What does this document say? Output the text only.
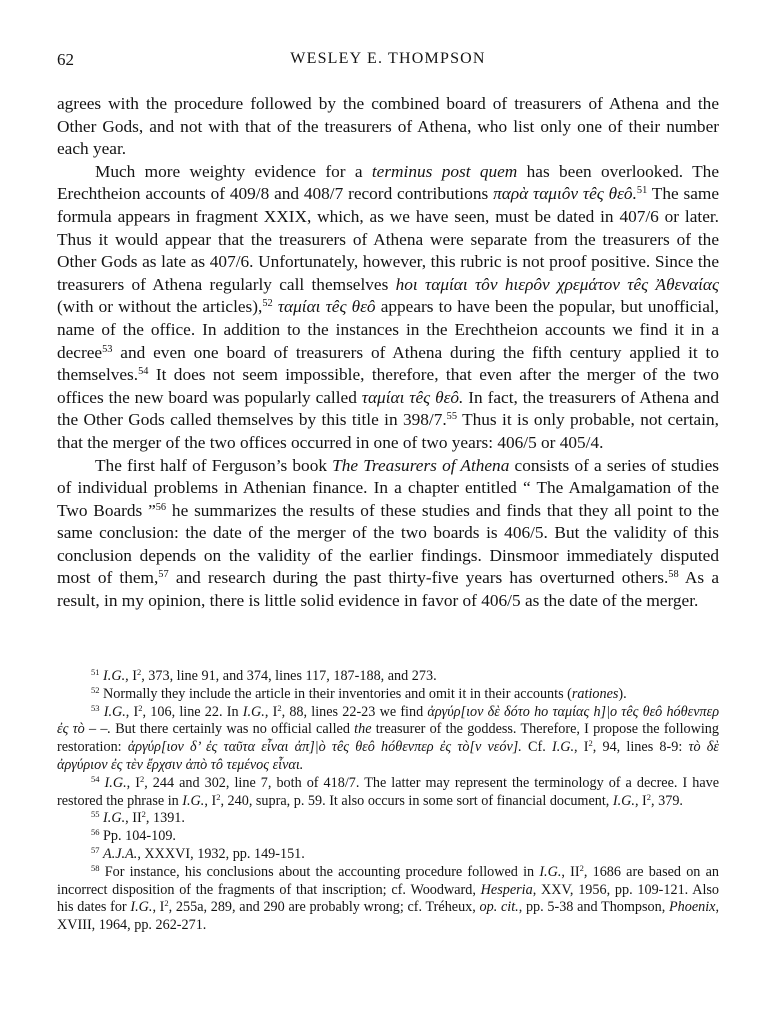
62	WESLEY E. THOMPSON

agrees with the procedure followed by the combined board of treasurers of Athena and the Other Gods, and not with that of the treasurers of Athena, who list only one of their number each year.

Much more weighty evidence for a terminus post quem has been overlooked. The Erechtheion accounts of 409/8 and 408/7 record contributions παρὰ ταμιôν τêς θεô.$^{51}$ The same formula appears in fragment XXIX, which, as we have seen, must be dated in 407/6 or later. Thus it would appear that the treasurers of Athena were separate from the treasurers of the Other Gods as late as 407/6. Unfortunately, however, this rubric is not proof positive. Since the treasurers of Athena regularly call themselves hοι ταμίαι τôν hιερôν χρεμάτον τêς Ἀθεναίας (with or without the articles),$^{52}$ ταμίαι τêς θεô appears to have been the popular, but unofficial, name of the office. In addition to the instances in the Erechtheion accounts we find it in a decree$^{53}$ and even one board of treasurers of Athena during the fifth century applied it to themselves.$^{54}$ It does not seem impossible, therefore, that even after the merger of the two offices the new board was popularly called ταμίαι τêς θεô. In fact, the treasurers of Athena and the Other Gods called themselves by this title in 398/7.55 Thus it is only probable, not certain, that the merger of the two offices occurred in one of two years: 406/5 or 405/4.

The first half of Ferguson’s book The Treasurers of Athena consists of a series of studies of individual problems in Athenian finance. In a chapter entitled “ The Amalgamation of the Two Boards ”$^{56}$ he summarizes the results of these studies and finds that they all point to the same conclusion: the date of the merger of the two boards is 406/5. But the validity of this conclusion depends on the validity of the earlier findings. Dinsmoor immediately disputed most of them,$^{57}$ and research during the past thirty-five years has overturned others.$^{58}$ As a result, in my opinion, there is little solid evidence in favor of 406/5 as the date of the merger.

$^{51}$ I.G., $I^2$, 373, line 91, and 374, lines 117, 187-188, and 273.

$^{52}$ Normally they include the article in their inventories and omit it in their accounts (rationes).

$^{53}$ I.G., $I^2$, 106, line 22. In I.G., $I^2$, 88, lines 22-23 we find ἀργύρ[ιον δὲ δóτο hο ταμίας h]|ο τêς θεô hóθενπερ ἐς τò – –. But there certainly was no official called the treasurer of the goddess. Therefore, I propose the following restoration: ἀργύρ[ιον δ’ ἐς ταῦτα εἶναι ἀπ]|ò τêς θεô hóθενπερ ἐς τò[ν νεóν]. Cf. I.G., $I^2$, 94, lines 8-9: τò δὲ ἀργύριον ἐς τὲν ἔρχσιν ἀπò τô τεμένος εἶναι.

$^{54}$ I.G., $I^2$, 244 and 302, line 7, both of 418/7. The latter may represent the terminology of a decree. I have restored the phrase in I.G., $I^2$, 240, supra, p. 59. It also occurs in some sort of financial document, I.G., $I^2$, 379.

$^{55}$ I.G., $II^2$, 1391.

$^{56}$ Pp. 104-109.

$^{57}$ A.J.A., XXXVI, 1932, pp. 149-151.

$^{58}$ For instance, his conclusions about the accounting procedure followed in I.G., $II^2$, 1686 are based on an incorrect disposition of the fragments of that inscription; cf. Woodward, Hesperia, XXV, 1956, pp. 109-121. Also his dates for I.G., $I^2$, 255a, 289, and 290 are probably wrong; cf. Tréheux, op. cit., pp. 5-38 and Thompson, Phoenix, XVIII, 1964, pp. 262-271.
